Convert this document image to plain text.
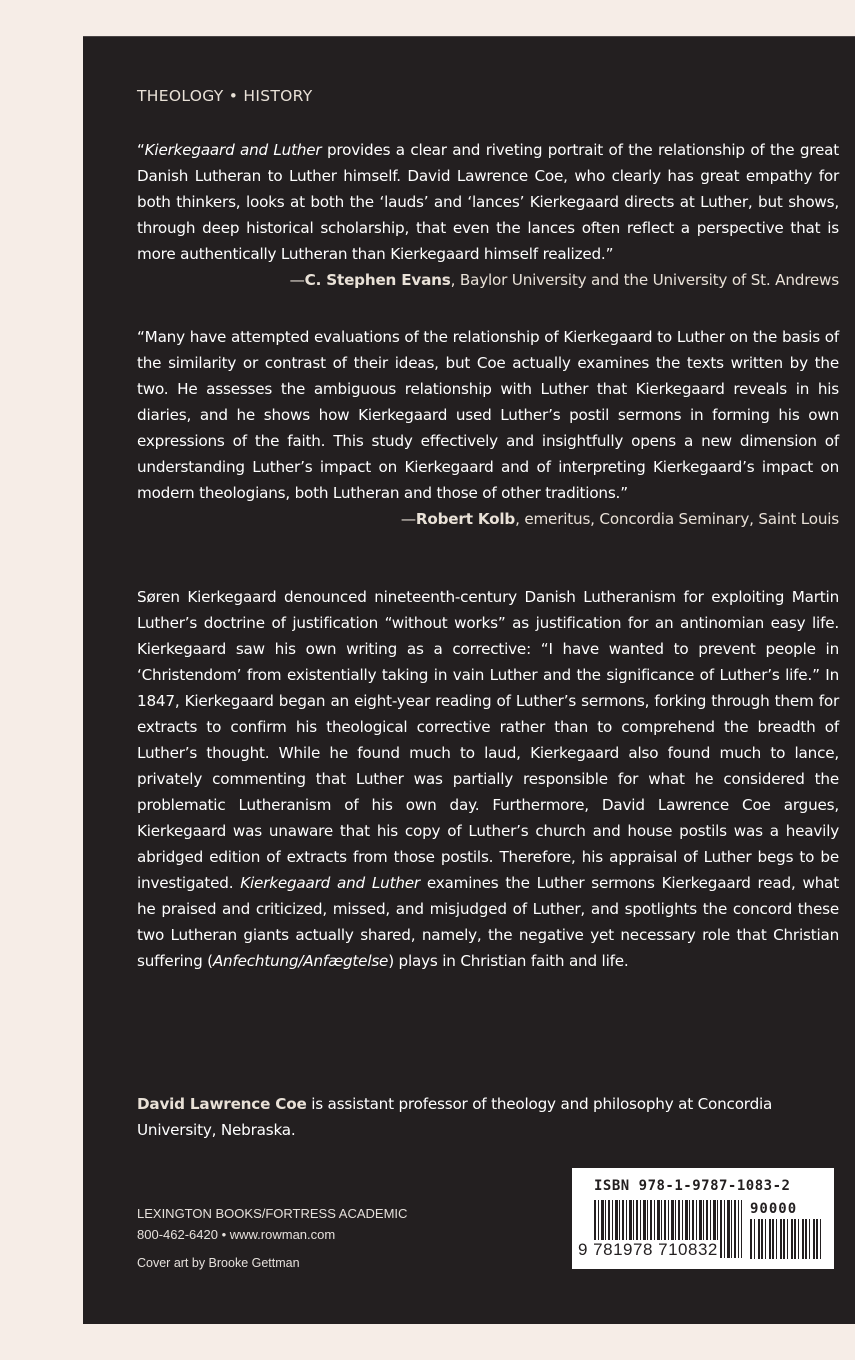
THEOLOGY • HISTORY

“Kierkegaard and Luther provides a clear and riveting portrait of the relationship of the great Danish Lutheran to Luther himself. David Lawrence Coe, who clearly has great empathy for both thinkers, looks at both the ‘lauds’ and ‘lances’ Kierkegaard directs at Luther, but shows, through deep historical scholarship, that even the lances often reflect a perspective that is more authentically Lutheran than Kierkegaard himself realized.”

—C. Stephen Evans, Baylor University and the University of St. Andrews

“Many have attempted evaluations of the relationship of Kierkegaard to Luther on the basis of the similarity or contrast of their ideas, but Coe actually examines the texts written by the two. He assesses the ambiguous relationship with Luther that Kierkegaard reveals in his diaries, and he shows how Kierkegaard used Luther’s postil sermons in forming his own expressions of the faith. This study effectively and insightfully opens a new dimension of understanding Luther’s impact on Kierkegaard and of interpreting Kierkegaard’s impact on modern theologians, both Lutheran and those of other traditions.”

—Robert Kolb, emeritus, Concordia Seminary, Saint Louis

Søren Kierkegaard denounced nineteenth-century Danish Lutheranism for exploiting Martin Luther’s doctrine of justification “without works” as justification for an antinomian easy life. Kierkegaard saw his own writing as a corrective: “I have wanted to prevent people in ‘Christendom’ from existentially taking in vain Luther and the significance of Luther’s life.” In 1847, Kierkegaard began an eight-year reading of Luther’s sermons, forking through them for extracts to confirm his theological corrective rather than to comprehend the breadth of Luther’s thought. While he found much to laud, Kierkegaard also found much to lance, privately commenting that Luther was partially responsible for what he considered the problematic Lutheranism of his own day. Furthermore, David Lawrence Coe argues, Kierkegaard was unaware that his copy of Luther’s church and house postils was a heavily abridged edition of extracts from those postils. Therefore, his appraisal of Luther begs to be investigated. Kierkegaard and Luther examines the Luther sermons Kierkegaard read, what he praised and criticized, missed, and misjudged of Luther, and spotlights the concord these two Lutheran giants actually shared, namely, the negative yet necessary role that Christian suffering (Anfechtung/Anfægtelse) plays in Christian faith and life.

David Lawrence Coe is assistant professor of theology and philosophy at Concordia University, Nebraska.

LEXINGTON BOOKS/FORTRESS ACADEMIC
800-462-6420 • www.rowman.com
Cover art by Brooke Gettman
ISBN 978-1-9787-1083-2
90000
9 781978 710832
